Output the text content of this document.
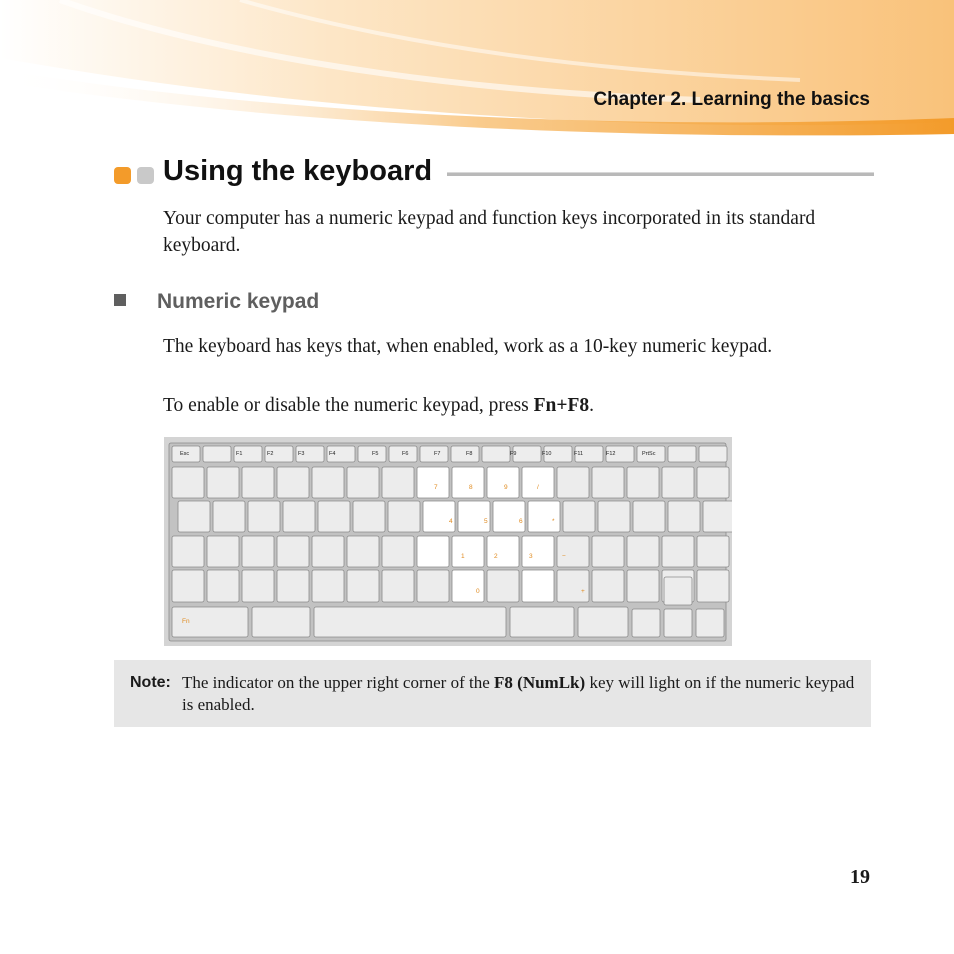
Chapter 2. Learning the basics
Using the keyboard

Your computer has a numeric keypad and function keys incorporated in its standard keyboard.

Numeric keypad

The keyboard has keys that, when enabled, work as a 10-key numeric keypad.

To enable or disable the numeric keypad, press Fn+F8.

Esc	F1	F2	F3	F4	F5	F6	F7	F8	F9	F10	F11	F12	PrtSc
Fn
7	8	9	/
4	5	6	*
1	2	3	−
0	+
Note: The indicator on the upper right corner of the F8 (NumLk) key will light on if the numeric keypad is enabled.

19
